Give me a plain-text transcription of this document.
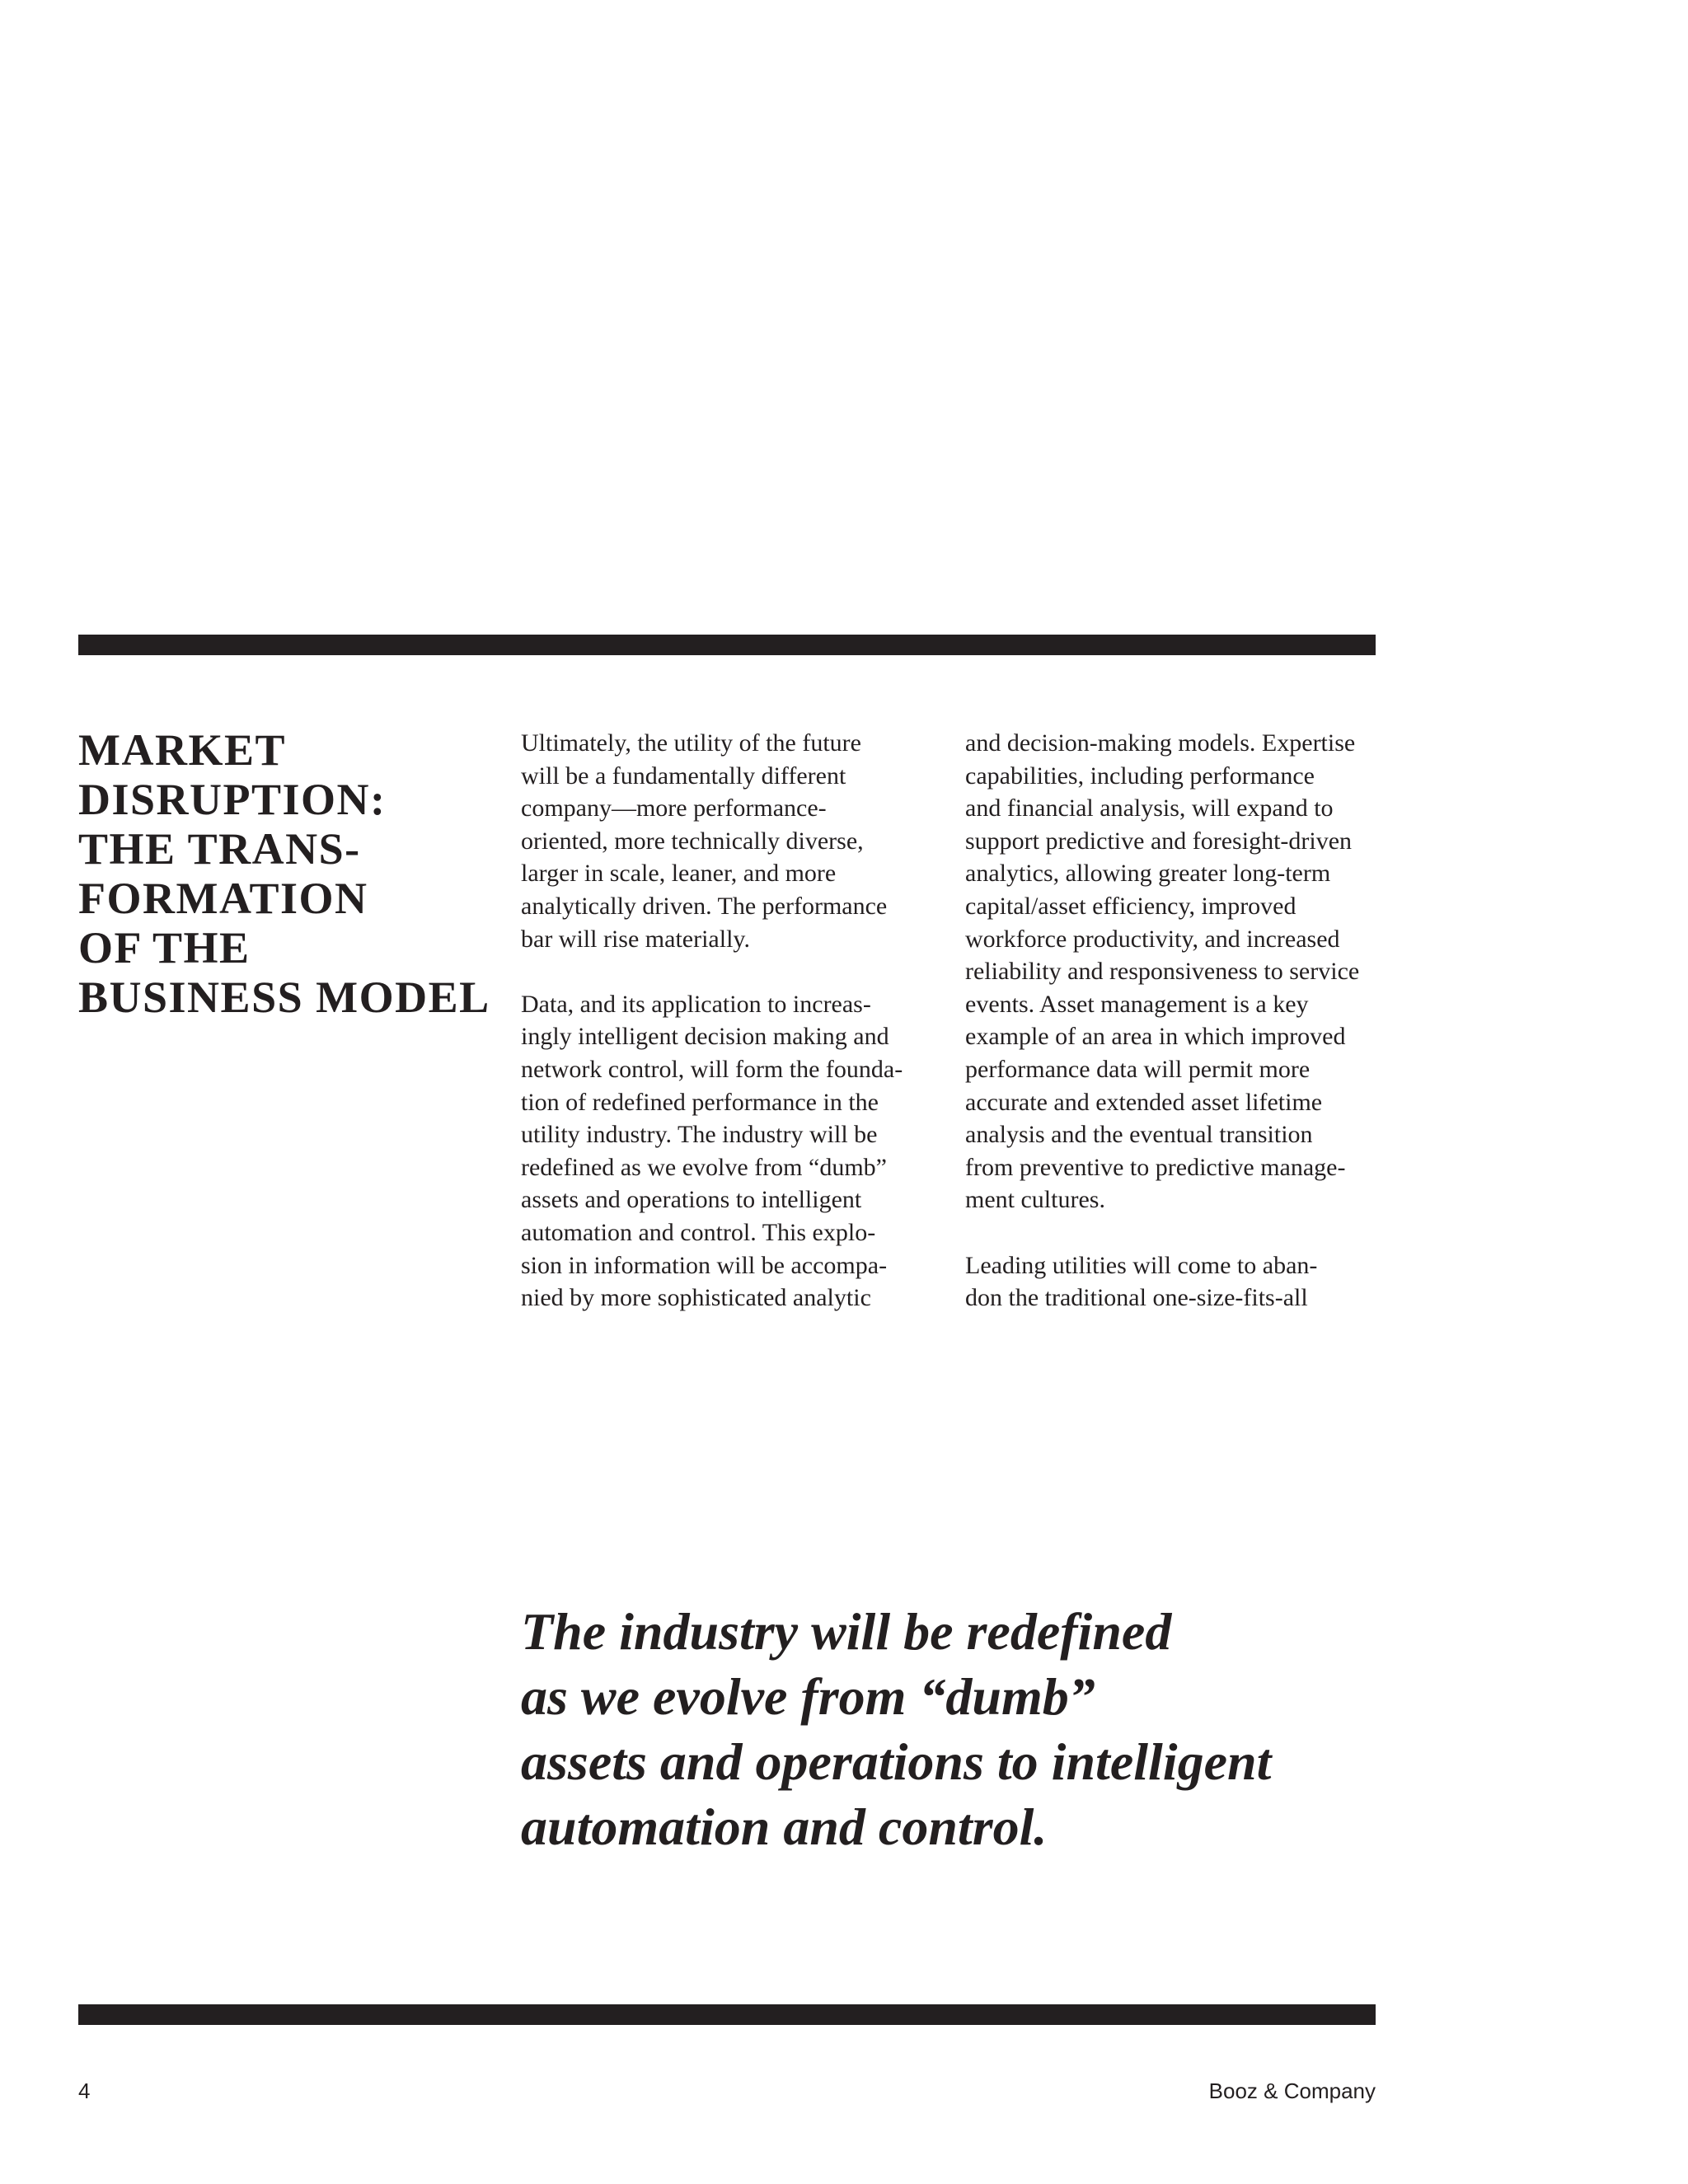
MARKET
DISRUPTION:
THE TRANS-
FORMATION
OF THE
BUSINESS MODEL

Ultimately, the utility of the future
will be a fundamentally different
company—more performance-
oriented, more technically diverse,
larger in scale, leaner, and more
analytically driven. The performance
bar will rise materially.

Data, and its application to increas-
ingly intelligent decision making and
network control, will form the founda-
tion of redefined performance in the
utility industry. The industry will be
redefined as we evolve from “dumb”
assets and operations to intelligent
automation and control. This explo-
sion in information will be accompa-
nied by more sophisticated analytic

and decision-making models. Expertise
capabilities, including performance
and financial analysis, will expand to
support predictive and foresight-driven
analytics, allowing greater long-term
capital/asset efficiency, improved
workforce productivity, and increased
reliability and responsiveness to service
events. Asset management is a key
example of an area in which improved
performance data will permit more
accurate and extended asset lifetime
analysis and the eventual transition
from preventive to predictive manage-
ment cultures.

Leading utilities will come to aban-
don the traditional one-size-fits-all

The industry will be redefined
as we evolve from “dumb”
assets and operations to intelligent
automation and control.
4	Booz & Company
